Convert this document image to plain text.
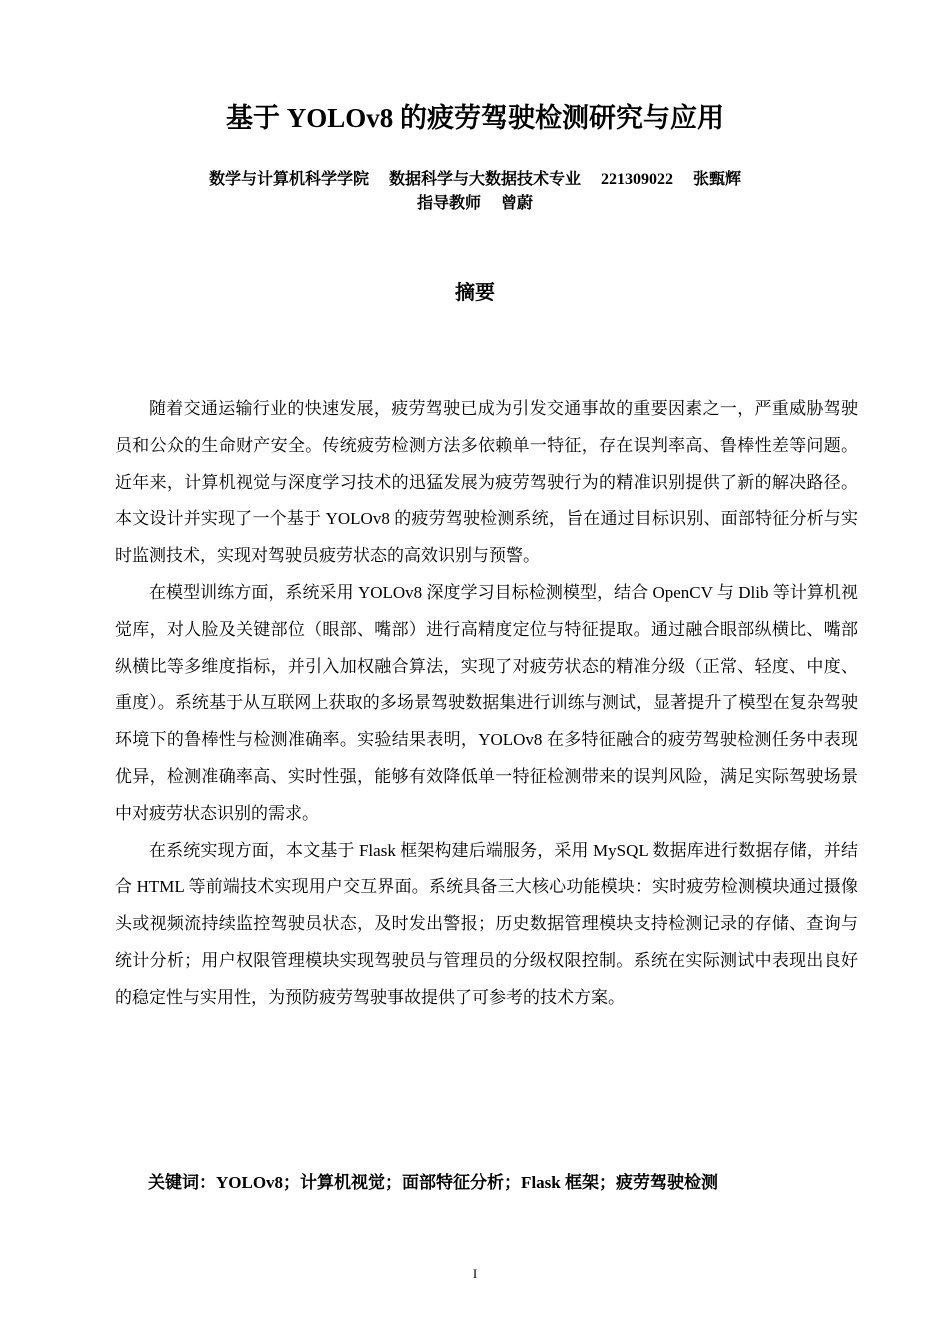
基于 YOLOv8 的疲劳驾驶检测研究与应用
数学与计算机科学学院 数据科学与大数据技术专业 221309022 张甄辉
指导教师 曾蔚
摘要

随着交通运输行业的快速发展，疲劳驾驶已成为引发交通事故的重要因素之一，严重威胁驾驶员和公众的生命财产安全。传统疲劳检测方法多依赖单一特征，存在误判率高、鲁棒性差等问题。近年来，计算机视觉与深度学习技术的迅猛发展为疲劳驾驶行为的精准识别提供了新的解决路径。本文设计并实现了一个基于 YOLOv8 的疲劳驾驶检测系统，旨在通过目标识别、面部特征分析与实时监测技术，实现对驾驶员疲劳状态的高效识别与预警。

在模型训练方面，系统采用 YOLOv8 深度学习目标检测模型，结合 OpenCV 与 Dlib 等计算机视觉库，对人脸及关键部位（眼部、嘴部）进行高精度定位与特征提取。通过融合眼部纵横比、嘴部纵横比等多维度指标，并引入加权融合算法，实现了对疲劳状态的精准分级（正常、轻度、中度、重度）。系统基于从互联网上获取的多场景驾驶数据集进行训练与测试，显著提升了模型在复杂驾驶环境下的鲁棒性与检测准确率。实验结果表明，YOLOv8 在多特征融合的疲劳驾驶检测任务中表现优异，检测准确率高、实时性强，能够有效降低单一特征检测带来的误判风险，满足实际驾驶场景中对疲劳状态识别的需求。

在系统实现方面，本文基于 Flask 框架构建后端服务，采用 MySQL 数据库进行数据存储，并结合 HTML 等前端技术实现用户交互界面。系统具备三大核心功能模块：实时疲劳检测模块通过摄像头或视频流持续监控驾驶员状态，及时发出警报；历史数据管理模块支持检测记录的存储、查询与统计分析；用户权限管理模块实现驾驶员与管理员的分级权限控制。系统在实际测试中表现出良好的稳定性与实用性，为预防疲劳驾驶事故提供了可参考的技术方案。

关键词：YOLOv8；计算机视觉；面部特征分析；Flask 框架；疲劳驾驶检测
I
